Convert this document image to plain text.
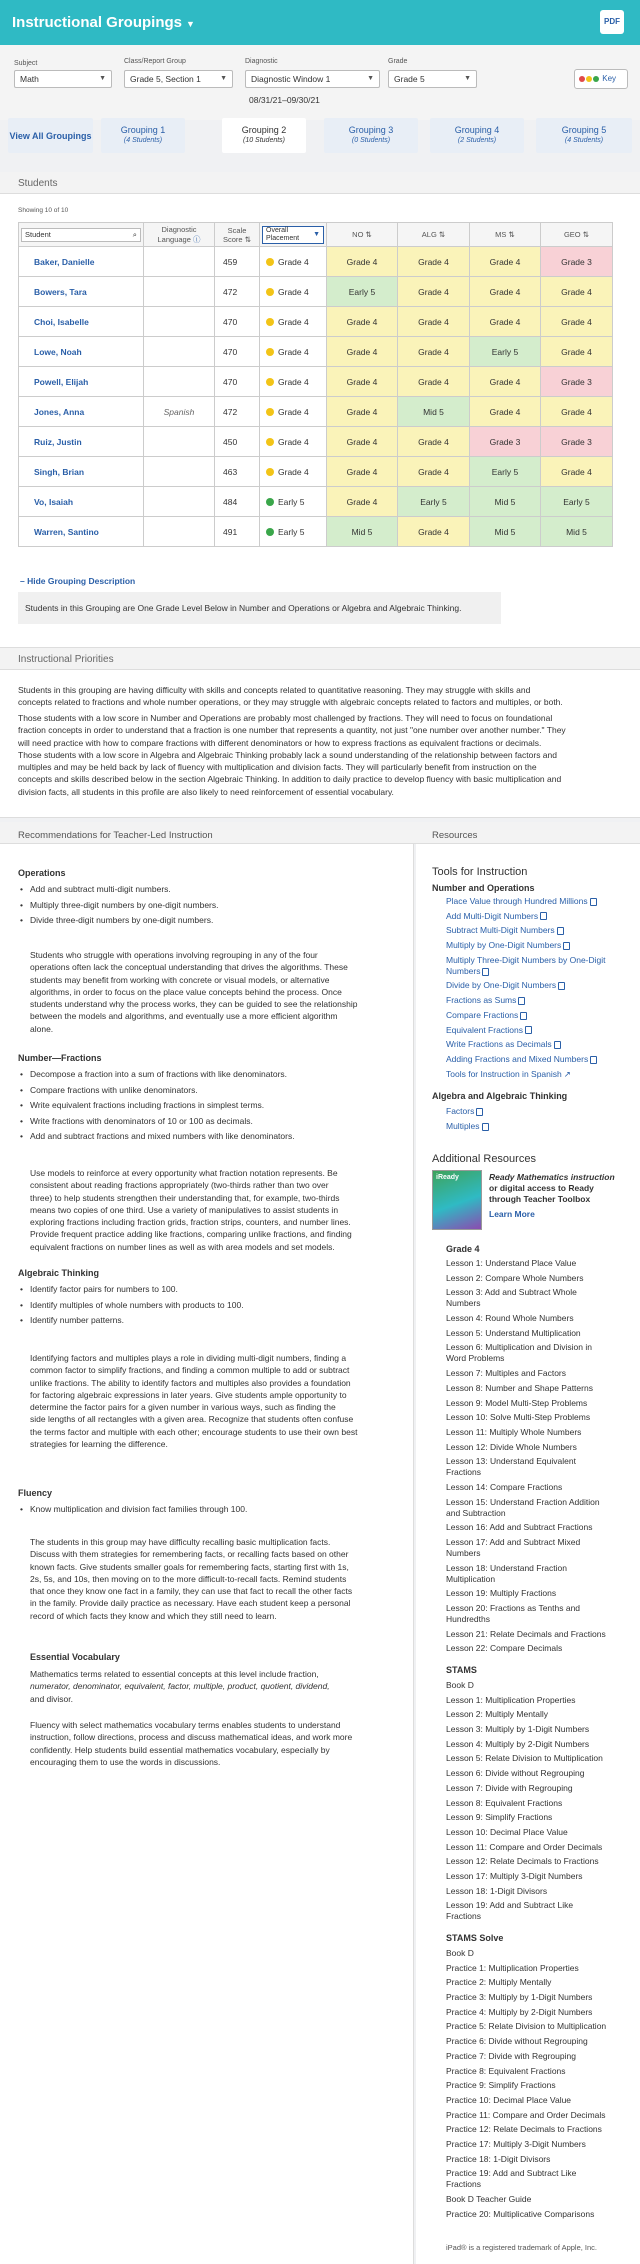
Instructional Groupings ▼	PDF
Subject
Math	▼
Class/Report Group
Grade 5, Section 1	▼
Diagnostic
Diagnostic Window 1	▼
08/31/21–09/30/21
Grade
Grade 5	▼	Key
View All Groupings
Grouping 1
(4 Students)
Grouping 2
(10 Students)
Grouping 3
(0 Students)
Grouping 4
(2 Students)
Grouping 5
(4 Students)
Students
Showing 10 of 10
Student ⌕	Diagnostic Language ⓘ	Scale Score ⇅	Overall Placement
▼	NO ⇅	ALG ⇅	MS ⇅	GEO ⇅
Baker, Danielle		459	Grade 4	Grade 4	Grade 4	Grade 4	Grade 3
Bowers, Tara		472	Grade 4	Early 5	Grade 4	Grade 4	Grade 4
Choi, Isabelle		470	Grade 4	Grade 4	Grade 4	Grade 4	Grade 4
Lowe, Noah		470	Grade 4	Grade 4	Grade 4	Early 5	Grade 4
Powell, Elijah		470	Grade 4	Grade 4	Grade 4	Grade 4	Grade 3
Jones, Anna	Spanish	472	Grade 4	Grade 4	Mid 5	Grade 4	Grade 4
Ruiz, Justin		450	Grade 4	Grade 4	Grade 4	Grade 3	Grade 3
Singh, Brian		463	Grade 4	Grade 4	Grade 4	Early 5	Grade 4
Vo, Isaiah		484	Early 5	Grade 4	Early 5	Mid 5	Early 5
Warren, Santino		491	Early 5	Mid 5	Grade 4	Mid 5	Mid 5
– Hide Grouping Description
Students in this Grouping are One Grade Level Below in Number and Operations or Algebra and Algebraic Thinking.
Instructional Priorities
Students in this grouping are having difficulty with skills and concepts related to quantitative reasoning. They may struggle with skills and
concepts related to fractions and whole number operations, or they may struggle with algebraic concepts related to factors and multiples, or both.
Those students with a low score in Number and Operations are probably most challenged by fractions. They will need to focus on foundational
fraction concepts in order to understand that a fraction is one number that represents a quantity, not just "one number over another number." They
will need practice with how to compare fractions with different denominators or how to express fractions as equivalent fractions or decimals.
Those students with a low score in Algebra and Algebraic Thinking probably lack a sound understanding of the relationship between factors and
multiples and may be held back by lack of fluency with multiplication and division facts. They will particularly benefit from instruction on the
concepts and skills described below in the section Algebraic Thinking. In addition to daily practice to develop fluency with basic multiplication and
division facts, all students in this profile are also likely to need reinforcement of essential vocabulary.
Recommendations for Teacher-Led Instruction	Resources
Operations
• Add and subtract multi-digit numbers.
• Multiply three-digit numbers by one-digit numbers.
• Divide three-digit numbers by one-digit numbers.
Students who struggle with operations involving regrouping in any of the four
operations often lack the conceptual understanding that drives the algorithms. These
students may benefit from working with concrete or visual models, or alternative
algorithms, in order to focus on the place value concepts behind the process. Once
students understand why the process works, they can be guided to see the relationship
between the models and algorithms, and eventually use a more efficient algorithm
alone.
Number—Fractions
• Decompose a fraction into a sum of fractions with like denominators.
• Compare fractions with unlike denominators.
• Write equivalent fractions including fractions in simplest terms.
• Write fractions with denominators of 10 or 100 as decimals.
• Add and subtract fractions and mixed numbers with like denominators.
Use models to reinforce at every opportunity what fraction notation represents. Be
consistent about reading fractions appropriately (two-thirds rather than two over
three) to help students strengthen their understanding that, for example, two-thirds
means two copies of one third. Use a variety of manipulatives to assist students in
exploring fractions including fraction grids, fraction strips, counters, and number lines.
Provide frequent practice adding like fractions, comparing unlike fractions, and finding
equivalent fractions on number lines as well as with area models and set models.
Algebraic Thinking
• Identify factor pairs for numbers to 100.
• Identify multiples of whole numbers with products to 100.
• Identify number patterns.
Identifying factors and multiples plays a role in dividing multi-digit numbers, finding a
common factor to simplify fractions, and finding a common multiple to add or subtract
unlike fractions. The ability to identify factors and multiples also provides a foundation
for factoring algebraic expressions in later years. Give students ample opportunity to
determine the factor pairs for a given number in various ways, such as finding the
side lengths of all rectangles with a given area. Recognize that students often confuse
the terms factor and multiple with each other; encourage students to use their own best
strategies for learning the difference.
Fluency
• Know multiplication and division fact families through 100.
The students in this group may have difficulty recalling basic multiplication facts.
Discuss with them strategies for remembering facts, or recalling facts based on other
known facts. Give students smaller goals for remembering facts, starting first with 1s,
2s, 5s, and 10s, then moving on to the more difficult-to-recall facts. Remind students
that once they know one fact in a family, they can use that fact to recall the other facts
in the family. Provide daily practice as necessary. Have each student keep a personal
record of which facts they know and which they still need to learn.
Essential Vocabulary
Mathematics terms related to essential concepts at this level include fraction,
numerator, denominator, equivalent, factor, multiple, product, quotient, dividend,
and divisor.
Fluency with select mathematics vocabulary terms enables students to understand
instruction, follow directions, process and discuss mathematical ideas, and work more
confidently. Help students build essential mathematics vocabulary, especially by
encouraging them to use the words in discussions.
Tools for Instruction
Number and Operations
Place Value through Hundred Millions
Add Multi-Digit Numbers
Subtract Multi-Digit Numbers
Multiply by One-Digit Numbers
Multiply Three-Digit Numbers by One-Digit
Numbers
Divide by One-Digit Numbers
Fractions as Sums
Compare Fractions
Equivalent Fractions
Write Fractions as Decimals
Adding Fractions and Mixed Numbers
Tools for Instruction in Spanish ↗
Algebra and Algebraic Thinking
Factors
Multiples
Additional Resources
iReady	Ready Mathematics instruction
or digital access to Ready
through Teacher Toolbox
Learn More
Grade 4
Lesson 1: Understand Place Value
Lesson 2: Compare Whole Numbers
Lesson 3: Add and Subtract Whole
Numbers
Lesson 4: Round Whole Numbers
Lesson 5: Understand Multiplication
Lesson 6: Multiplication and Division in
Word Problems
Lesson 7: Multiples and Factors
Lesson 8: Number and Shape Patterns
Lesson 9: Model Multi-Step Problems
Lesson 10: Solve Multi-Step Problems
Lesson 11: Multiply Whole Numbers
Lesson 12: Divide Whole Numbers
Lesson 13: Understand Equivalent
Fractions
Lesson 14: Compare Fractions
Lesson 15: Understand Fraction Addition
and Subtraction
Lesson 16: Add and Subtract Fractions
Lesson 17: Add and Subtract Mixed
Numbers
Lesson 18: Understand Fraction
Multiplication
Lesson 19: Multiply Fractions
Lesson 20: Fractions as Tenths and
Hundredths
Lesson 21: Relate Decimals and Fractions
Lesson 22: Compare Decimals
STAMS
Book D
Lesson 1: Multiplication Properties
Lesson 2: Multiply Mentally
Lesson 3: Multiply by 1-Digit Numbers
Lesson 4: Multiply by 2-Digit Numbers
Lesson 5: Relate Division to Multiplication
Lesson 6: Divide without Regrouping
Lesson 7: Divide with Regrouping
Lesson 8: Equivalent Fractions
Lesson 9: Simplify Fractions
Lesson 10: Decimal Place Value
Lesson 11: Compare and Order Decimals
Lesson 12: Relate Decimals to Fractions
Lesson 17: Multiply 3-Digit Numbers
Lesson 18: 1-Digit Divisors
Lesson 19: Add and Subtract Like
Fractions
STAMS Solve
Book D
Practice 1: Multiplication Properties
Practice 2: Multiply Mentally
Practice 3: Multiply by 1-Digit Numbers
Practice 4: Multiply by 2-Digit Numbers
Practice 5: Relate Division to Multiplication
Practice 6: Divide without Regrouping
Practice 7: Divide with Regrouping
Practice 8: Equivalent Fractions
Practice 9: Simplify Fractions
Practice 10: Decimal Place Value
Practice 11: Compare and Order Decimals
Practice 12: Relate Decimals to Fractions
Practice 17: Multiply 3-Digit Numbers
Practice 18: 1-Digit Divisors
Practice 19: Add and Subtract Like
Fractions
Book D Teacher Guide
Practice 20: Multiplicative Comparisons
iPad® is a registered trademark of Apple, Inc.
